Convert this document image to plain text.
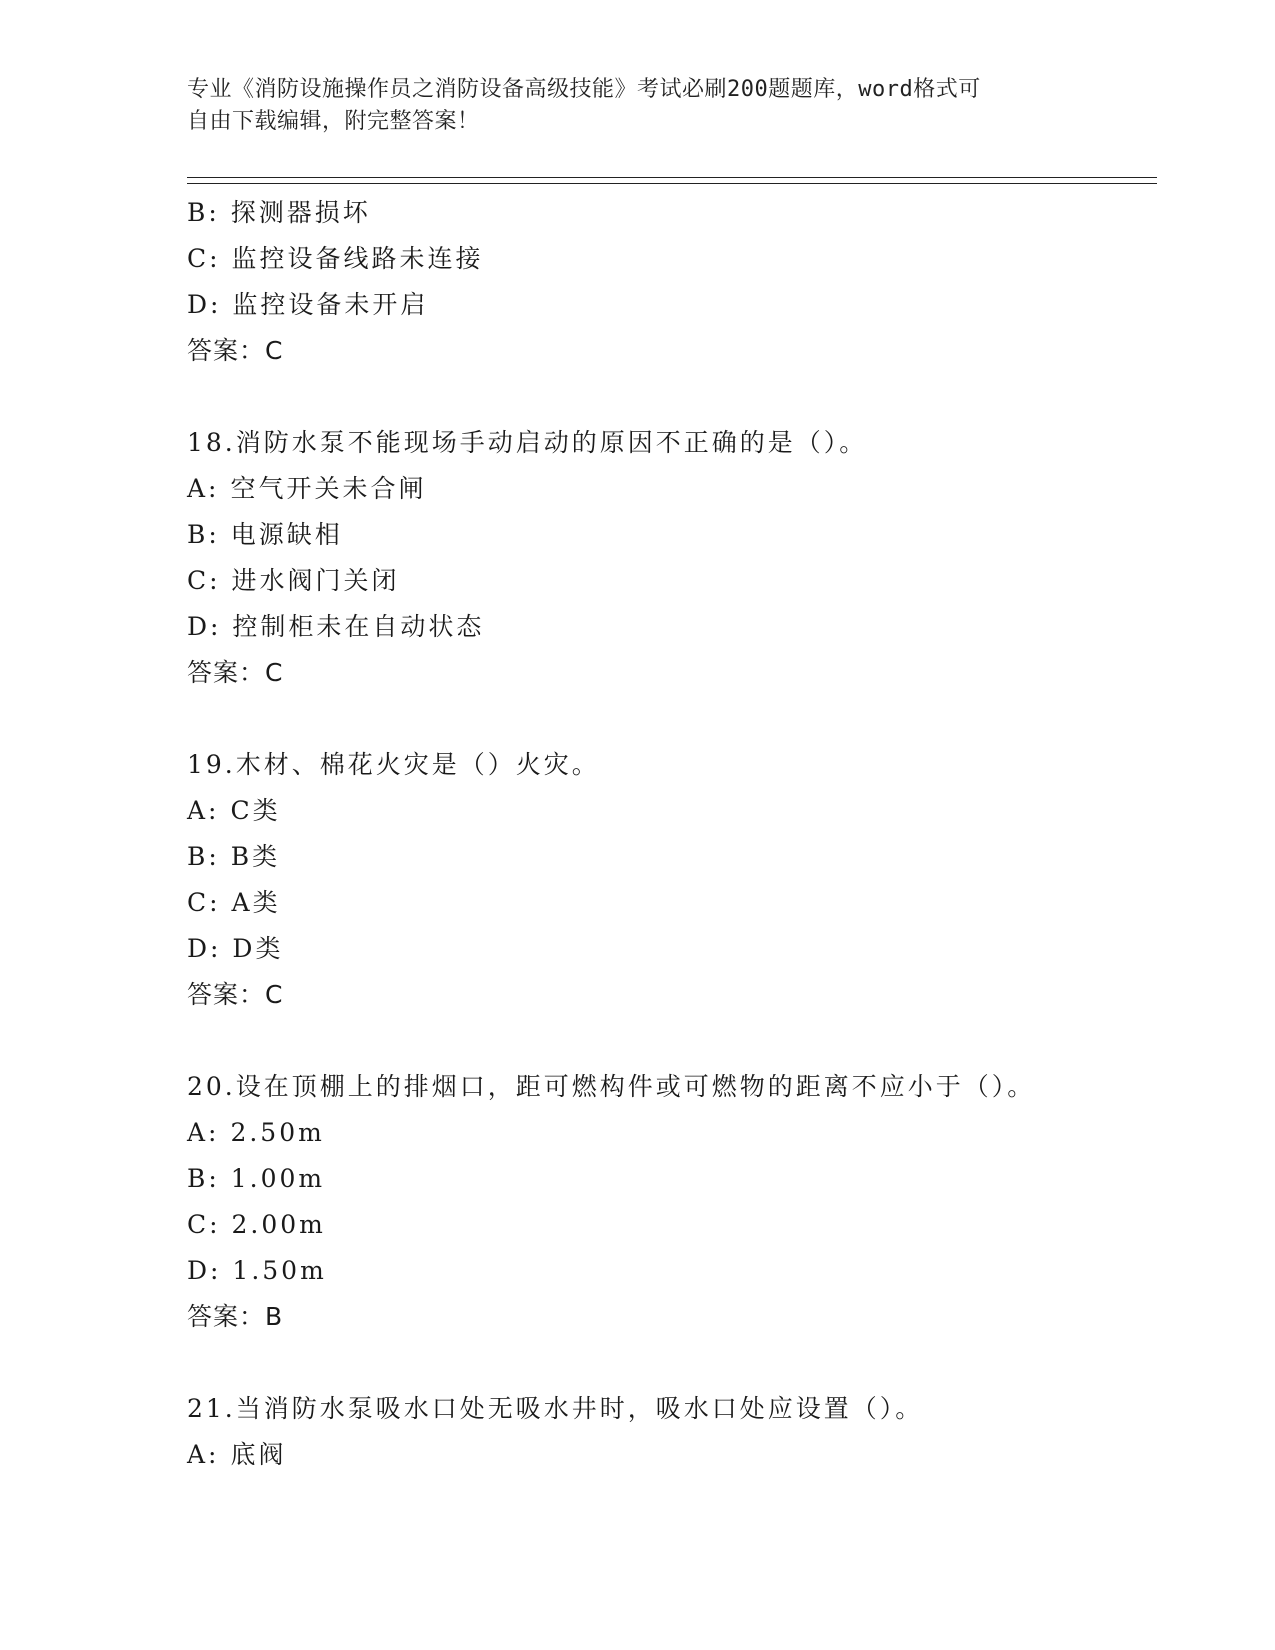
专业《消防设施操作员之消防设备高级技能》考试必刷200题题库，word格式可

自由下载编辑，附完整答案！

B: 探测器损坏
C: 监控设备线路未连接
D: 监控设备未开启
答案：C
18.消防水泵不能现场手动启动的原因不正确的是（）。
A: 空气开关未合闸
B: 电源缺相
C: 进水阀门关闭
D: 控制柜未在自动状态
答案：C
19.木材、棉花火灾是（）火灾。
A: C类
B: B类
C: A类
D: D类
答案：C
20.设在顶棚上的排烟口，距可燃构件或可燃物的距离不应小于（）。
A: 2.50m
B: 1.00m
C: 2.00m
D: 1.50m
答案：B
21.当消防水泵吸水口处无吸水井时，吸水口处应设置（）。
A: 底阀
